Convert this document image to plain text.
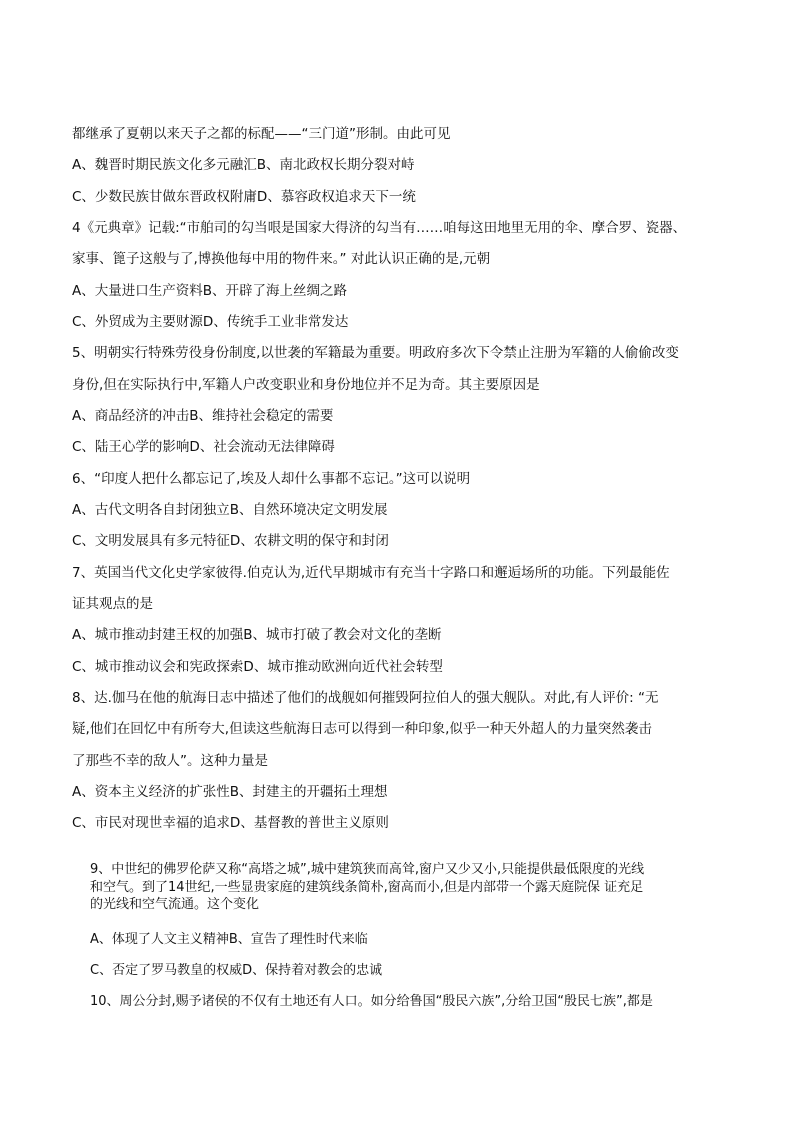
都继承了夏朝以来天子之都的标配——“三门道”形制。由此可见
A、魏晋时期民族文化多元融汇B、南北政权长期分裂对峙
C、少数民族甘做东晋政权附庸D、慕容政权追求天下一统
4《元典章》记载:“市舶司的勾当哏是国家大得济的勾当有……咱每这田地里无用的伞、摩合罗、瓷器、
家事、篦子这般与了,博换他每中用的物件来。” 对此认识正确的是,元朝
A、大量进口生产资料B、开辟了海上丝绸之路
C、外贸成为主要财源D、传统手工业非常发达
5、明朝实行特殊劳役身份制度,以世袭的军籍最为重要。明政府多次下令禁止注册为军籍的人偷偷改变
身份,但在实际执行中,军籍人户改变职业和身份地位并不足为奇。其主要原因是
A、商品经济的冲击B、维持社会稳定的需要
C、陆王心学的影响D、社会流动无法律障碍
6、“印度人把什么都忘记了,埃及人却什么事都不忘记。”这可以说明
A、古代文明各自封闭独立B、自然环境决定文明发展
C、文明发展具有多元特征D、农耕文明的保守和封闭
7、英国当代文化史学家彼得.伯克认为,近代早期城市有充当十字路口和邂逅场所的功能。下列最能佐
证其观点的是
A、城市推动封建王权的加强B、城市打破了教会对文化的垄断
C、城市推动议会和宪政探索D、城市推动欧洲向近代社会转型
8、达.伽马在他的航海日志中描述了他们的战舰如何摧毁阿拉伯人的强大舰队。对此,有人评价: “无
疑,他们在回忆中有所夸大,但读这些航海日志可以得到一种印象,似乎一种天外超人的力量突然袭击
了那些不幸的敌人”。这种力量是
A、资本主义经济的扩张性B、封建主的开疆拓土理想
C、市民对现世幸福的追求D、基督教的普世主义原则
9、中世纪的佛罗伦萨又称“高塔之城”,城中建筑狭而高耸,窗户又少又小,只能提供最低限度的光线
和空气。到了14世纪,一些显贵家庭的建筑线条简朴,窗高而小,但是内部带一个露天庭院保 证充足
的光线和空气流通。这个变化
A、体现了人文主义精神B、宣告了理性时代来临
C、否定了罗马教皇的权威D、保持着对教会的忠诚
10、周公分封,赐予诸侯的不仅有土地还有人口。如分给鲁国“殷民六族”,分给卫国“殷民七族”,都是
